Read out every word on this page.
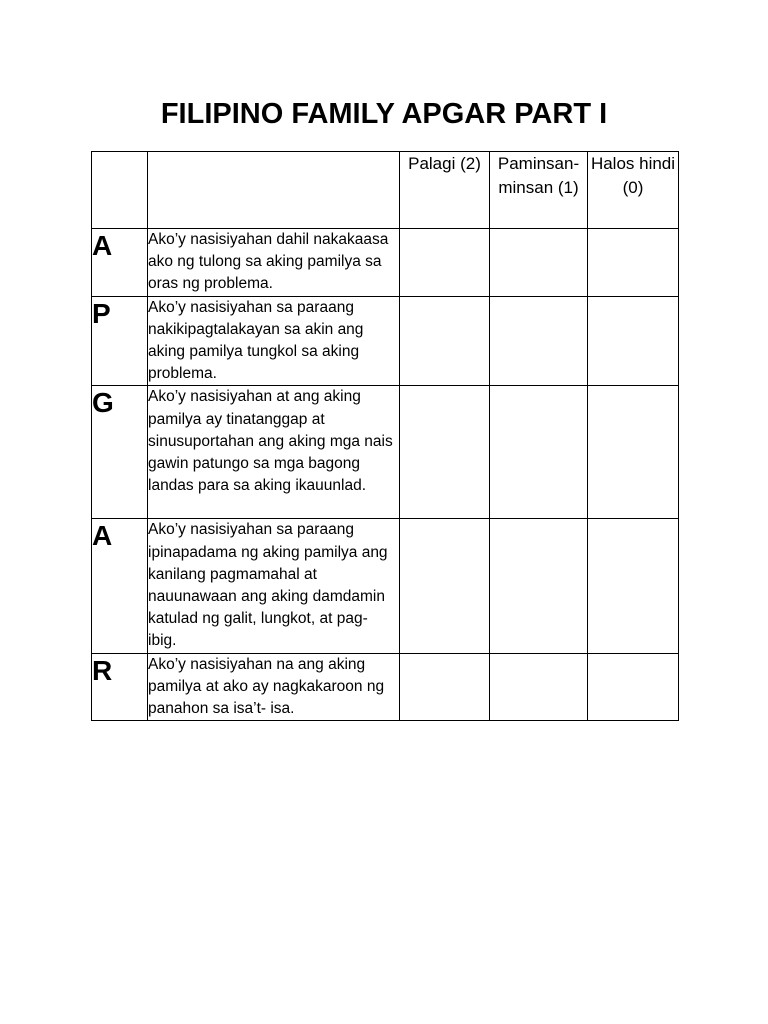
FILIPINO FAMILY APGAR PART I
		Palagi (2)	Paminsan-minsan (1)	Halos hindi (0)
A	Ako’y nasisiyahan dahil nakakaasa ako ng tulong sa aking pamilya sa oras ng problema.			
P	Ako’y nasisiyahan sa paraang nakikipagtalakayan sa akin ang aking pamilya tungkol sa aking problema.			
G	Ako’y nasisiyahan at ang aking pamilya ay tinatanggap at sinusuportahan ang aking mga nais gawin patungo sa mga bagong landas para sa aking ikauunlad.			
A	Ako’y nasisiyahan sa paraang ipinapadama ng aking pamilya ang kanilang pagmamahal at nauunawaan ang aking damdamin katulad ng galit, lungkot, at pag- ibig.			
R	Ako’y nasisiyahan na ang aking pamilya at ako ay nagkakaroon ng panahon sa isa’t- isa.			
